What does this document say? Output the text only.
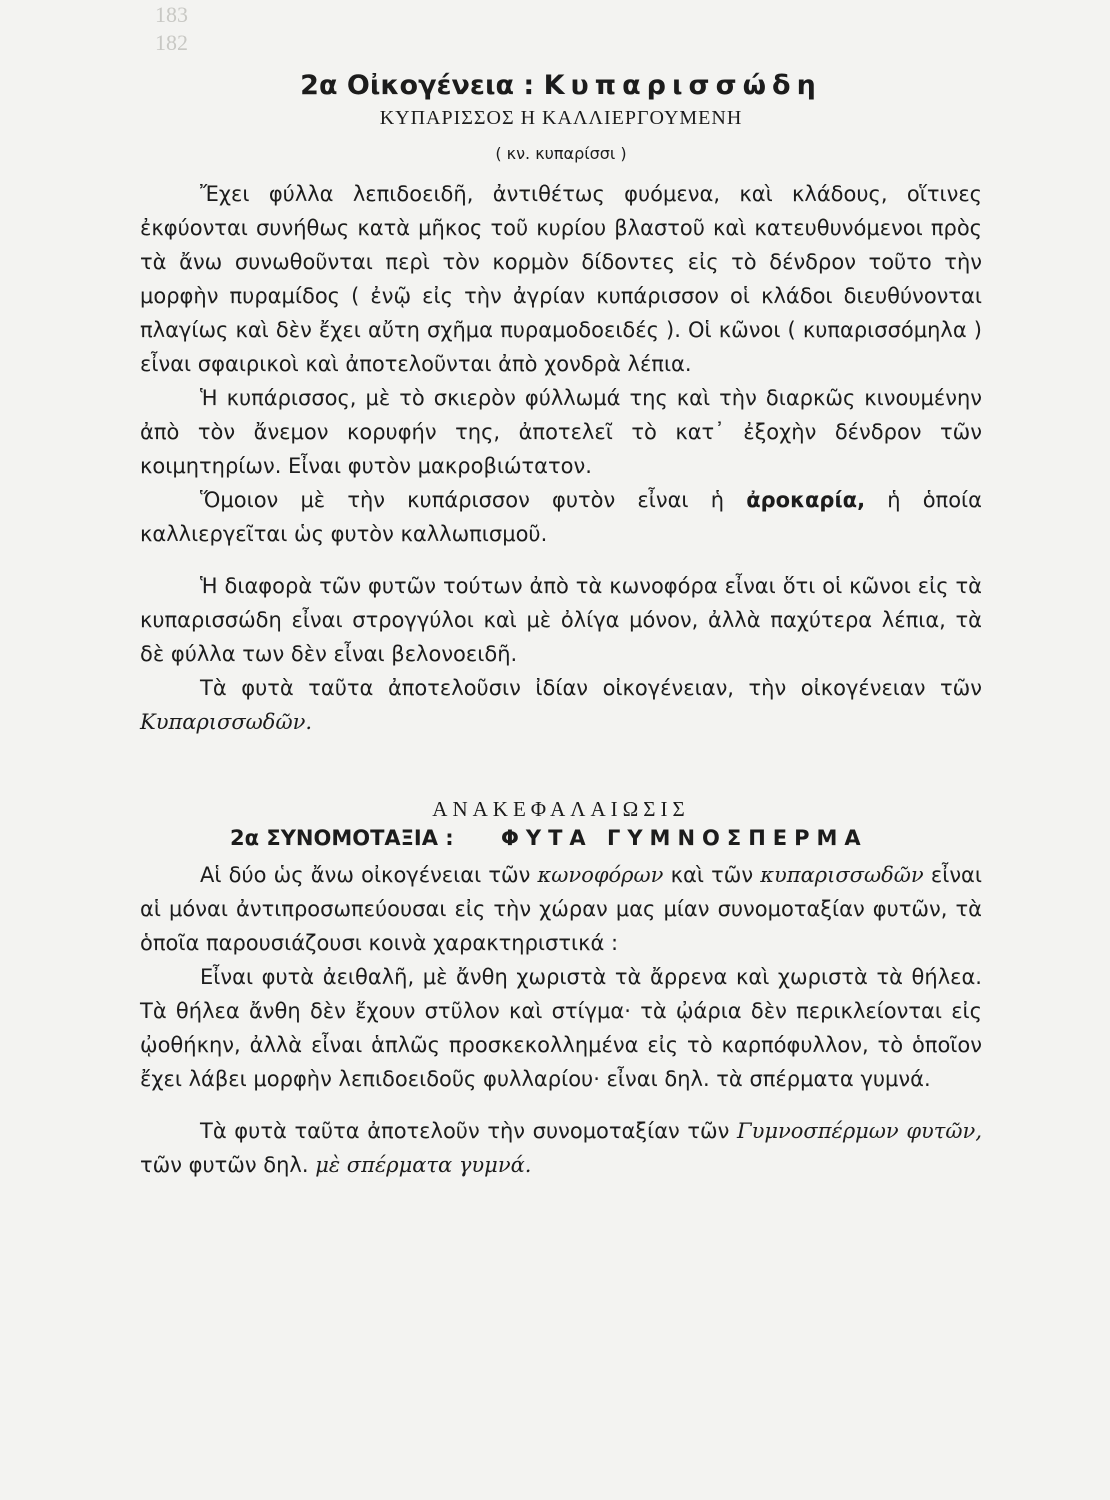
183
182
2α Οἰκογένεια : Κυπαρισσώδη
ΚΥΠΑΡΙΣΣΟΣ Η ΚΑΛΛΙΕΡΓΟΥΜΕΝΗ
( κν. κυπαρίσσι )

Ἔχει φύλλα λεπιδοειδῆ, ἀντιθέτως φυόμενα, καὶ κλάδους, οἵτινες ἐκφύονται συνήθως κατὰ μῆκος τοῦ κυρίου βλαστοῦ καὶ κατευθυνόμενοι πρὸς τὰ ἄνω συνωθοῦνται περὶ τὸν κορμὸν δίδοντες εἰς τὸ δένδρον τοῦτο τὴν μορφὴν πυραμίδος ( ἐνῷ εἰς τὴν ἀγρίαν κυπάρισσον οἱ κλάδοι διευθύνονται πλαγίως καὶ δὲν ἔχει αὔτη σχῆμα πυραμοδοειδές ). Οἱ κῶνοι ( κυπαρισσόμηλα ) εἶναι σφαιρικοὶ καὶ ἀποτελοῦνται ἀπὸ χονδρὰ λέπια.

Ἡ κυπάρισσος, μὲ τὸ σκιερὸν φύλλωμά της καὶ τὴν διαρκῶς κινουμένην ἀπὸ τὸν ἄνεμον κορυφήν της, ἀποτελεῖ τὸ κατ᾿ ἐξοχὴν δένδρον τῶν κοιμητηρίων. Εἶναι φυτὸν μακροβιώτατον.

Ὅμοιον μὲ τὴν κυπάρισσον φυτὸν εἶναι ἡ ἀροκαρία, ἡ ὁποία καλλιεργεῖται ὡς φυτὸν καλλωπισμοῦ.

Ἡ διαφορὰ τῶν φυτῶν τούτων ἀπὸ τὰ κωνοφόρα εἶναι ὅτι οἱ κῶνοι εἰς τὰ κυπαρισσώδη εἶναι στρογγύλοι καὶ μὲ ὀλίγα μόνον, ἀλλὰ παχύτερα λέπια, τὰ δὲ φύλλα των δὲν εἶναι βελονοειδῆ.

Τὰ φυτὰ ταῦτα ἀποτελοῦσιν ἰδίαν οἰκογένειαν, τὴν οἰκογένειαν τῶν Κυπαρισσωδῶν.

ΑΝΑΚΕΦΑΛΑΙΩΣΙΣ
2α ΣΥΝΟΜΟΤΑΞΙΑ : ΦΥΤΑ ΓΥΜΝΟΣΠΕΡΜΑ

Αἱ δύο ὡς ἄνω οἰκογένειαι τῶν κωνοφόρων καὶ τῶν κυπαρισσωδῶν εἶναι αἱ μόναι ἀντιπροσωπεύουσαι εἰς τὴν χώραν μας μίαν συνομοταξίαν φυτῶν, τὰ ὁποῖα παρουσιάζουσι κοινὰ χαρακτηριστικά :

Εἶναι φυτὰ ἀειθαλῆ, μὲ ἄνθη χωριστὰ τὰ ἄρρενα καὶ χωριστὰ τὰ θήλεα. Τὰ θήλεα ἄνθη δὲν ἔχουν στῦλον καὶ στίγμα· τὰ ᾠάρια δὲν περικλείονται εἰς ᾠοθήκην, ἀλλὰ εἶναι ἁπλῶς προσκεκολλημένα εἰς τὸ καρπόφυλλον, τὸ ὁποῖον ἔχει λάβει μορφὴν λεπιδοειδοῦς φυλλαρίου· εἶναι δηλ. τὰ σπέρματα γυμνά.

Τὰ φυτὰ ταῦτα ἀποτελοῦν τὴν συνομοταξίαν τῶν Γυμνοσπέρμων φυτῶν, τῶν φυτῶν δηλ. μὲ σπέρματα γυμνά.
